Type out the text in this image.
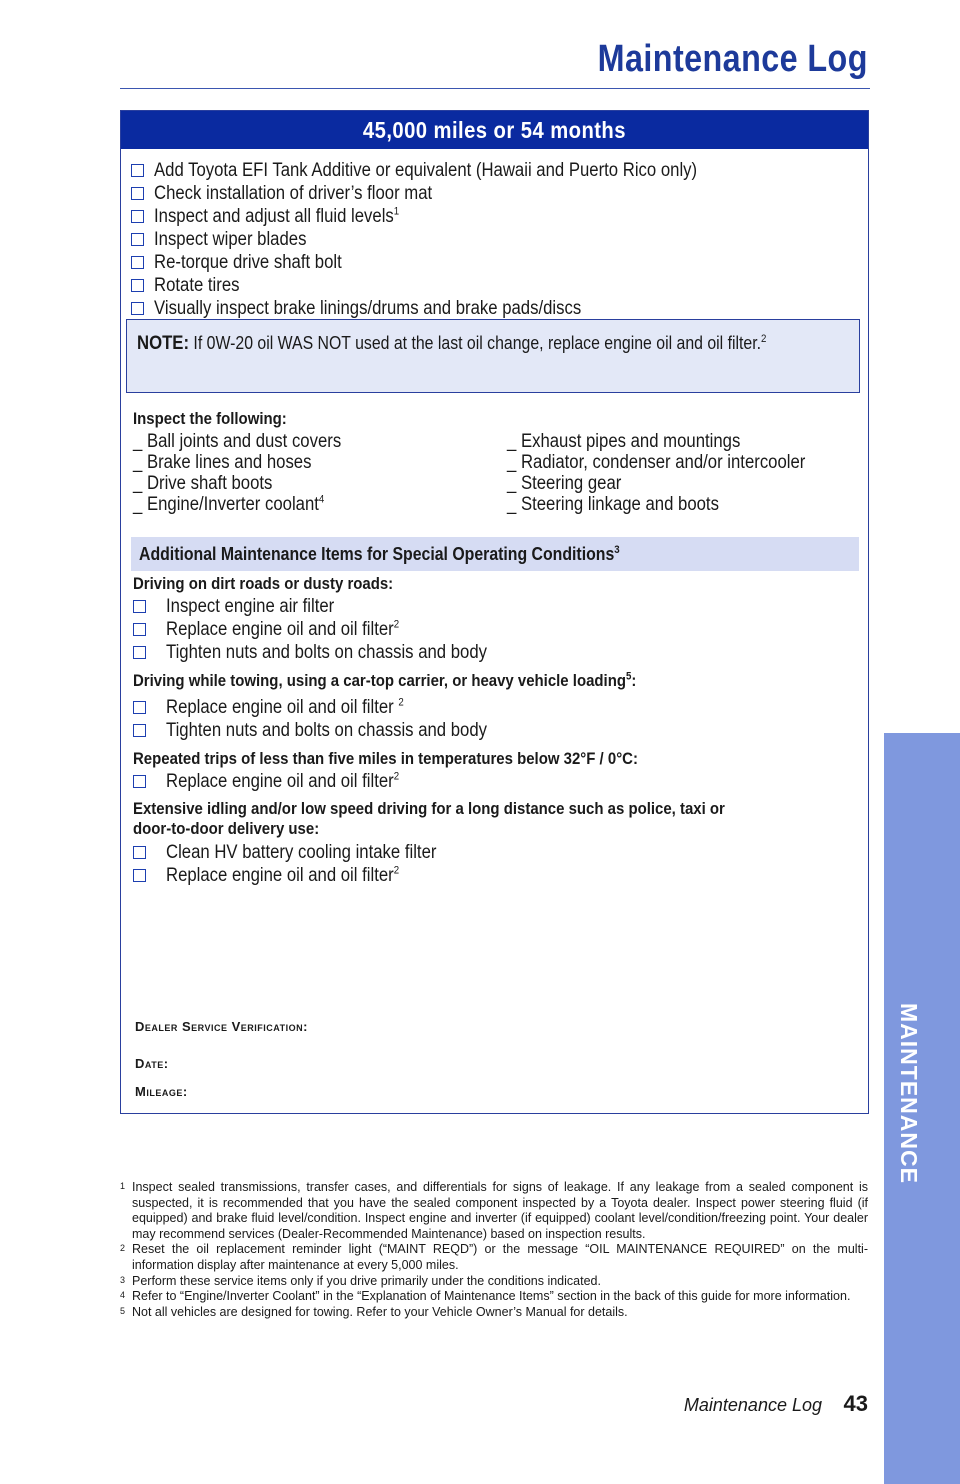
Maintenance Log
MAINTENANCE
45,000 miles or 54 months
Add Toyota EFI Tank Additive or equivalent (Hawaii and Puerto Rico only)
Check installation of driver’s floor mat
Inspect and adjust all fluid levels$^1$
Inspect wiper blades
Re-torque drive shaft bolt
Rotate tires
Visually inspect brake linings/drums and brake pads/discs
NOTE: If 0W-20 oil WAS NOT used at the last oil change, replace engine oil and oil filter.$^2$
Inspect the following:
_ Ball joints and dust covers
_ Brake lines and hoses
_ Drive shaft boots
_ Engine/Inverter coolant$^4$
_ Exhaust pipes and mountings
_ Radiator, condenser and/or intercooler
_ Steering gear
_ Steering linkage and boots
Additional Maintenance Items for Special Operating Conditions$^3$
Driving on dirt roads or dusty roads:
Inspect engine air filter
Replace engine oil and oil filter$^2$
Tighten nuts and bolts on chassis and body
Driving while towing, using a car-top carrier, or heavy vehicle loading$^5$:
Replace engine oil and oil filter $^2$
Tighten nuts and bolts on chassis and body
Repeated trips of less than five miles in temperatures below 32°F / 0°C:
Replace engine oil and oil filter$^2$
Extensive idling and/or low speed driving for a long distance such as police, taxi or
door-to-door delivery use:
Clean HV battery cooling intake filter
Replace engine oil and oil filter$^2$
Dealer Service Verification:
Date:
Mileage:
1 Inspect sealed transmissions, transfer cases, and differentials for signs of leakage. If any leakage from a sealed component is suspected, it is recommended that you have the sealed component inspected by a Toyota dealer. Inspect power steering fluid (if equipped) and brake fluid level/condition. Inspect engine and inverter (if equipped) coolant level/condition/freezing point. Your dealer may recommend services (Dealer-Recommended Maintenance) based on inspection results.
2 Reset the oil replacement reminder light (“MAINT REQD”) or the message “OIL MAINTENANCE REQUIRED” on the multi-information display after maintenance at every 5,000 miles.
3 Perform these service items only if you drive primarily under the conditions indicated.
4 Refer to “Engine/Inverter Coolant” in the “Explanation of Maintenance Items” section in the back of this guide for more information.
5 Not all vehicles are designed for towing. Refer to your Vehicle Owner’s Manual for details.
Maintenance Log 43
